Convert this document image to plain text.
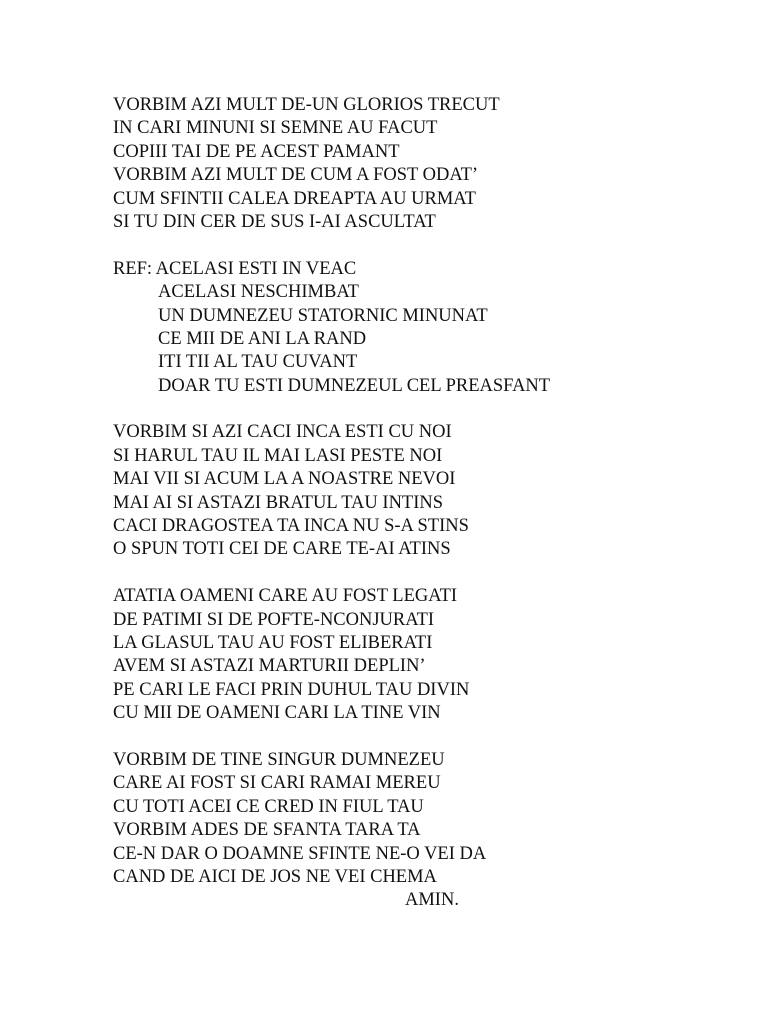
VORBIM AZI MULT DE-UN GLORIOS TRECUT
IN CARI MINUNI SI SEMNE AU FACUT
COPIII TAI DE PE ACEST PAMANT
VORBIM AZI MULT DE CUM A FOST ODAT’
CUM SFINTII CALEA DREAPTA AU URMAT
SI TU DIN CER DE SUS I-AI ASCULTAT
REF: ACELASI ESTI IN VEAC
ACELASI NESCHIMBAT
UN DUMNEZEU STATORNIC MINUNAT
CE MII DE ANI LA RAND
ITI TII AL TAU CUVANT
DOAR TU ESTI DUMNEZEUL CEL PREASFANT
VORBIM SI AZI CACI INCA ESTI CU NOI
SI HARUL TAU IL MAI LASI PESTE NOI
MAI VII SI ACUM LA A NOASTRE NEVOI
MAI AI SI ASTAZI BRATUL TAU INTINS
CACI DRAGOSTEA TA INCA NU S-A STINS
O SPUN TOTI CEI DE CARE TE-AI ATINS
ATATIA OAMENI CARE AU FOST LEGATI
DE PATIMI SI DE POFTE-NCONJURATI
LA GLASUL TAU AU FOST ELIBERATI
AVEM SI ASTAZI MARTURII DEPLIN’
PE CARI LE FACI PRIN DUHUL TAU DIVIN
CU MII DE OAMENI CARI LA TINE VIN
VORBIM DE TINE SINGUR DUMNEZEU
CARE AI FOST SI CARI RAMAI MEREU
CU TOTI ACEI CE CRED IN FIUL TAU
VORBIM ADES DE SFANTA TARA TA
CE-N DAR O DOAMNE SFINTE NE-O VEI DA
CAND DE AICI DE JOS NE VEI CHEMA
AMIN.
